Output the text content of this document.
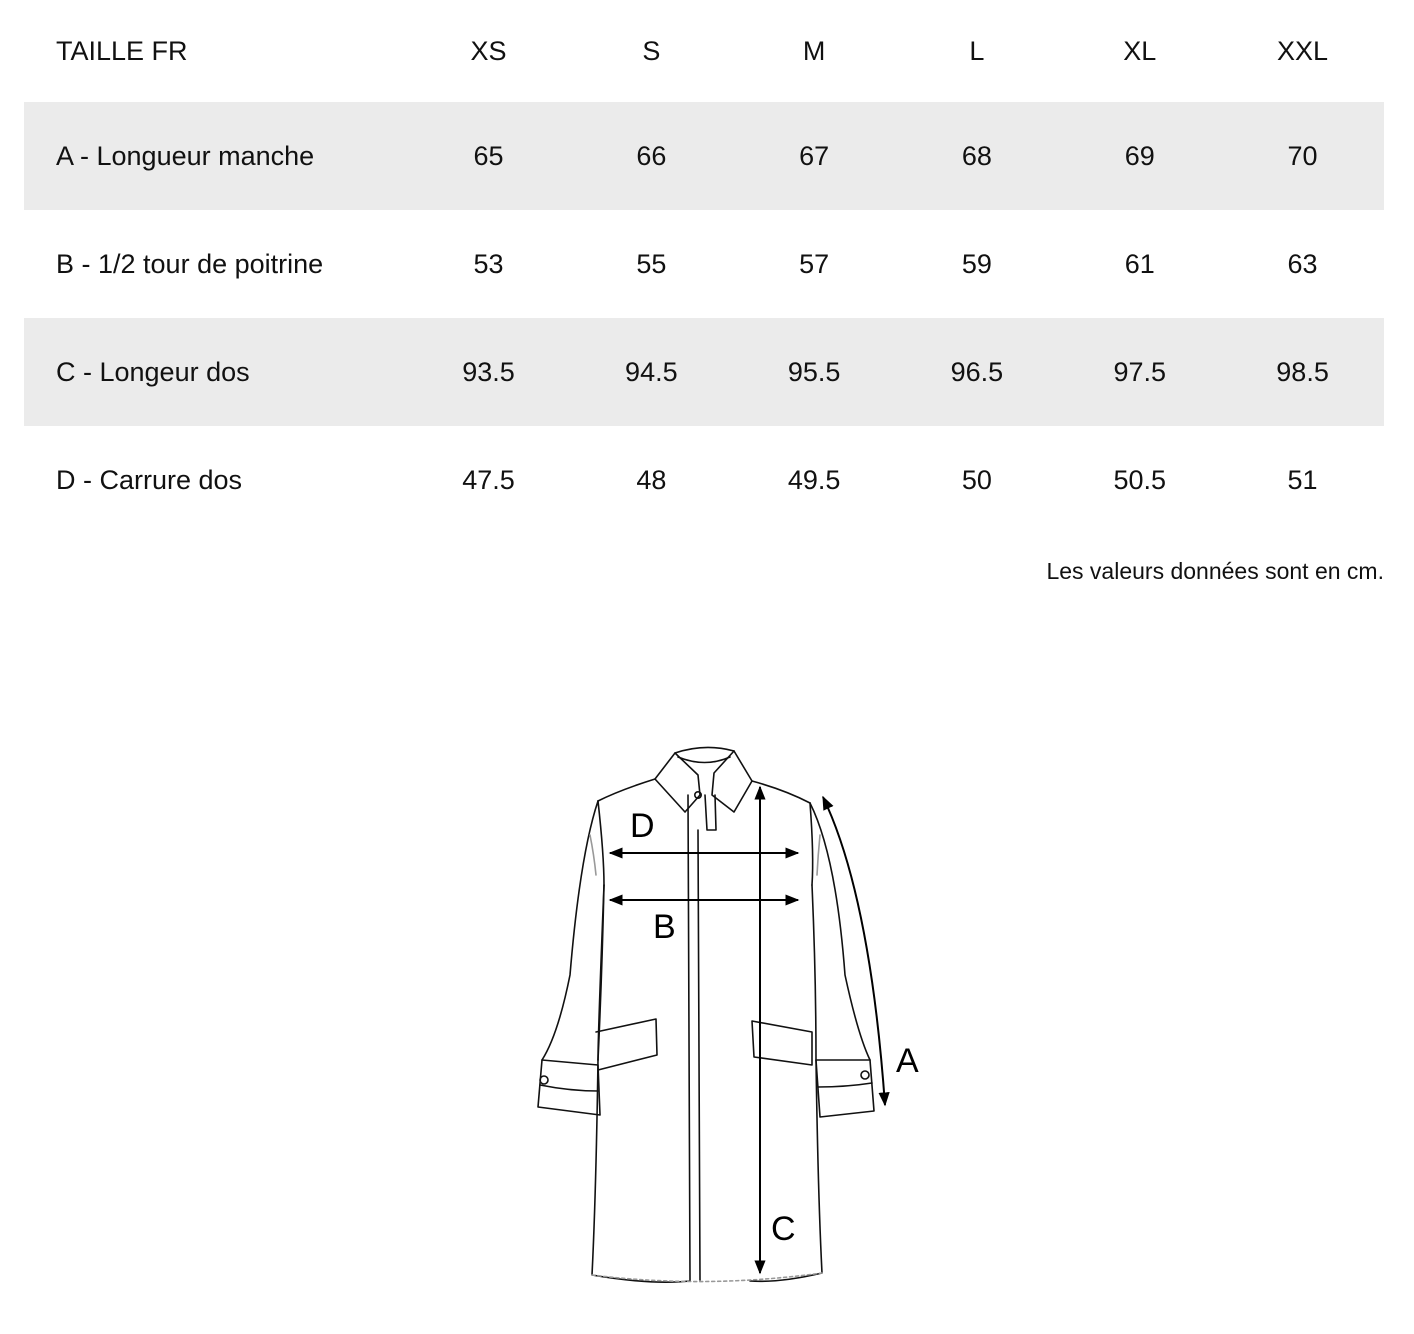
TAILLE FR	XS	S	M	L	XL	XXL
A - Longueur manche	65	66	67	68	69	70
B - 1/2 tour de poitrine	53	55	57	59	61	63
C - Longeur dos	93.5	94.5	95.5	96.5	97.5	98.5
D - Carrure dos	47.5	48	49.5	50	50.5	51
Les valeurs données sont en cm.
D
B
C
A
